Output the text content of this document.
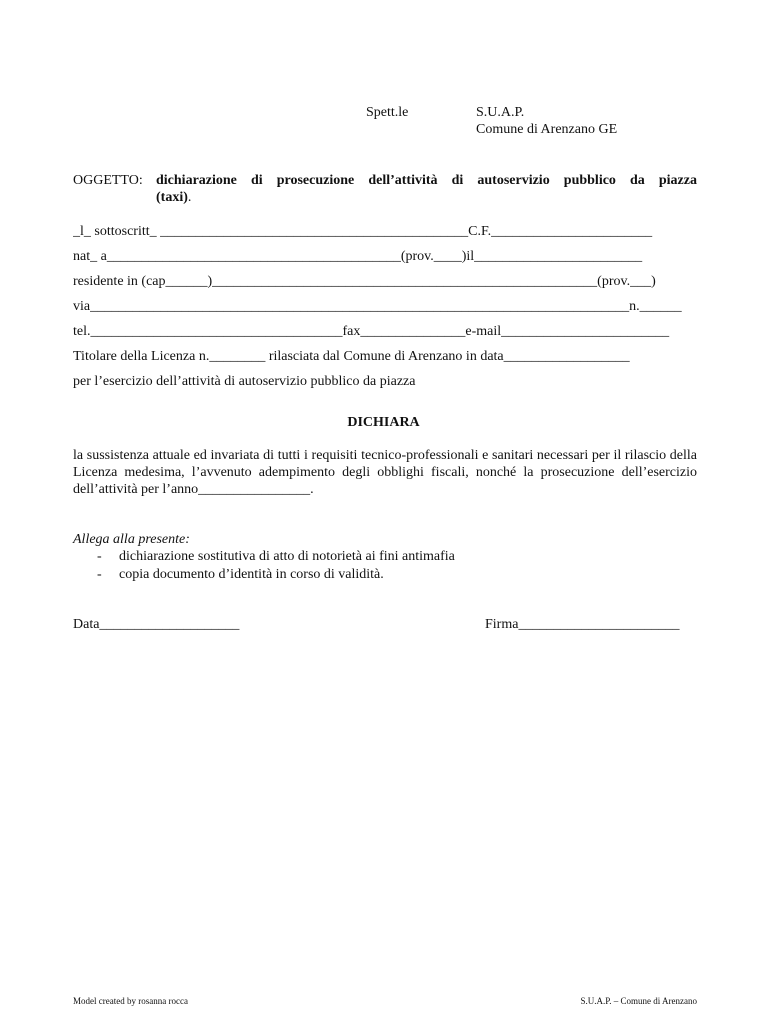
Spett.le	S.U.A.P.
Comune di Arenzano GE
OGGETTO: dichiarazione di prosecuzione dell’attività di autoservizio pubblico da piazza
(taxi).
_l_ sottoscritt_ ____________________________________________C.F._______________________
nat_ a__________________________________________(prov.____)il________________________
residente in (cap______)_______________________________________________________(prov.___)
via_____________________________________________________________________________n.______
tel.____________________________________fax_______________e-mail________________________
Titolare della Licenza n.________ rilasciata dal Comune di Arenzano in data__________________
per l’esercizio dell’attività di autoservizio pubblico da piazza
DICHIARA
la sussistenza attuale ed invariata di tutti i requisiti tecnico-professionali e sanitari necessari per il rilascio della Licenza medesima, l’avvenuto adempimento degli obblighi fiscali, nonché la prosecuzione dell’esercizio dell’attività per l’anno________________.
Allega alla presente:
- dichiarazione sostitutiva di atto di notorietà ai fini antimafia
- copia documento d’identità in corso di validità.
Data____________________	Firma_______________________
Model created by rosanna rocca	S.U.A.P. – Comune di Arenzano
